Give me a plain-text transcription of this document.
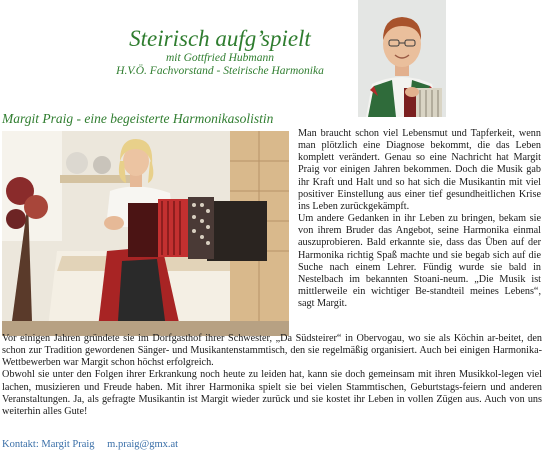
Steirisch aufg’spielt
mit Gottfried Hubmann
H.V.Ö. Fachvorstand - Steirische Harmonika
Margit Praig - eine begeisterte Harmonikasolistin

Man braucht schon viel Lebensmut und Tapferkeit, wenn man plötzlich eine Diagnose bekommt, die das Leben komplett verändert. Genau so eine Nachricht hat Margit Praig vor einigen Jahren bekommen. Doch die Musik gab ihr Kraft und Halt und so hat sich die Musikantin mit viel positiver Einstellung aus einer tief gesundheitlichen Krise ins Leben zurückgekämpft.

Um andere Gedanken in ihr Leben zu bringen, bekam sie von ihrem Bruder das Angebot, seine Harmonika einmal auszuprobieren. Bald erkannte sie, dass das Üben auf der Harmonika richtig Spaß machte und sie begab sich auf die Suche nach einem Lehrer. Fündig wurde sie bald in Nestelbach im bekannten Stoani-neum. „Die Musik ist mittlerweile ein wichtiger Be-standteil meines Lebens“, sagt Margit.

Vor einigen Jahren gründete sie im Dorfgasthof ihrer Schwester, „Da Südsteirer“ in Obervogau, wo sie als Köchin ar-beitet, den schon zur Tradition gewordenen Sänger- und Musikantenstammtisch, den sie regelmäßig organisiert. Auch bei einigen Harmonika-Wettbewerben war Margit schon höchst erfolgreich.

Obwohl sie unter den Folgen ihrer Erkrankung noch heute zu leiden hat, kann sie doch gemeinsam mit ihren Musikkol-legen viel lachen, musizieren und Freude haben. Mit ihrer Harmonika spielt sie bei vielen Stammtischen, Geburtstags-feiern und anderen Veranstaltungen. Ja, als gefragte Musikantin ist Margit wieder zurück und sie kostet ihr Leben in vollen Zügen aus. Auch von uns weiterhin alles Gute!

Kontakt: Margit Praig m.praig@gmx.at
